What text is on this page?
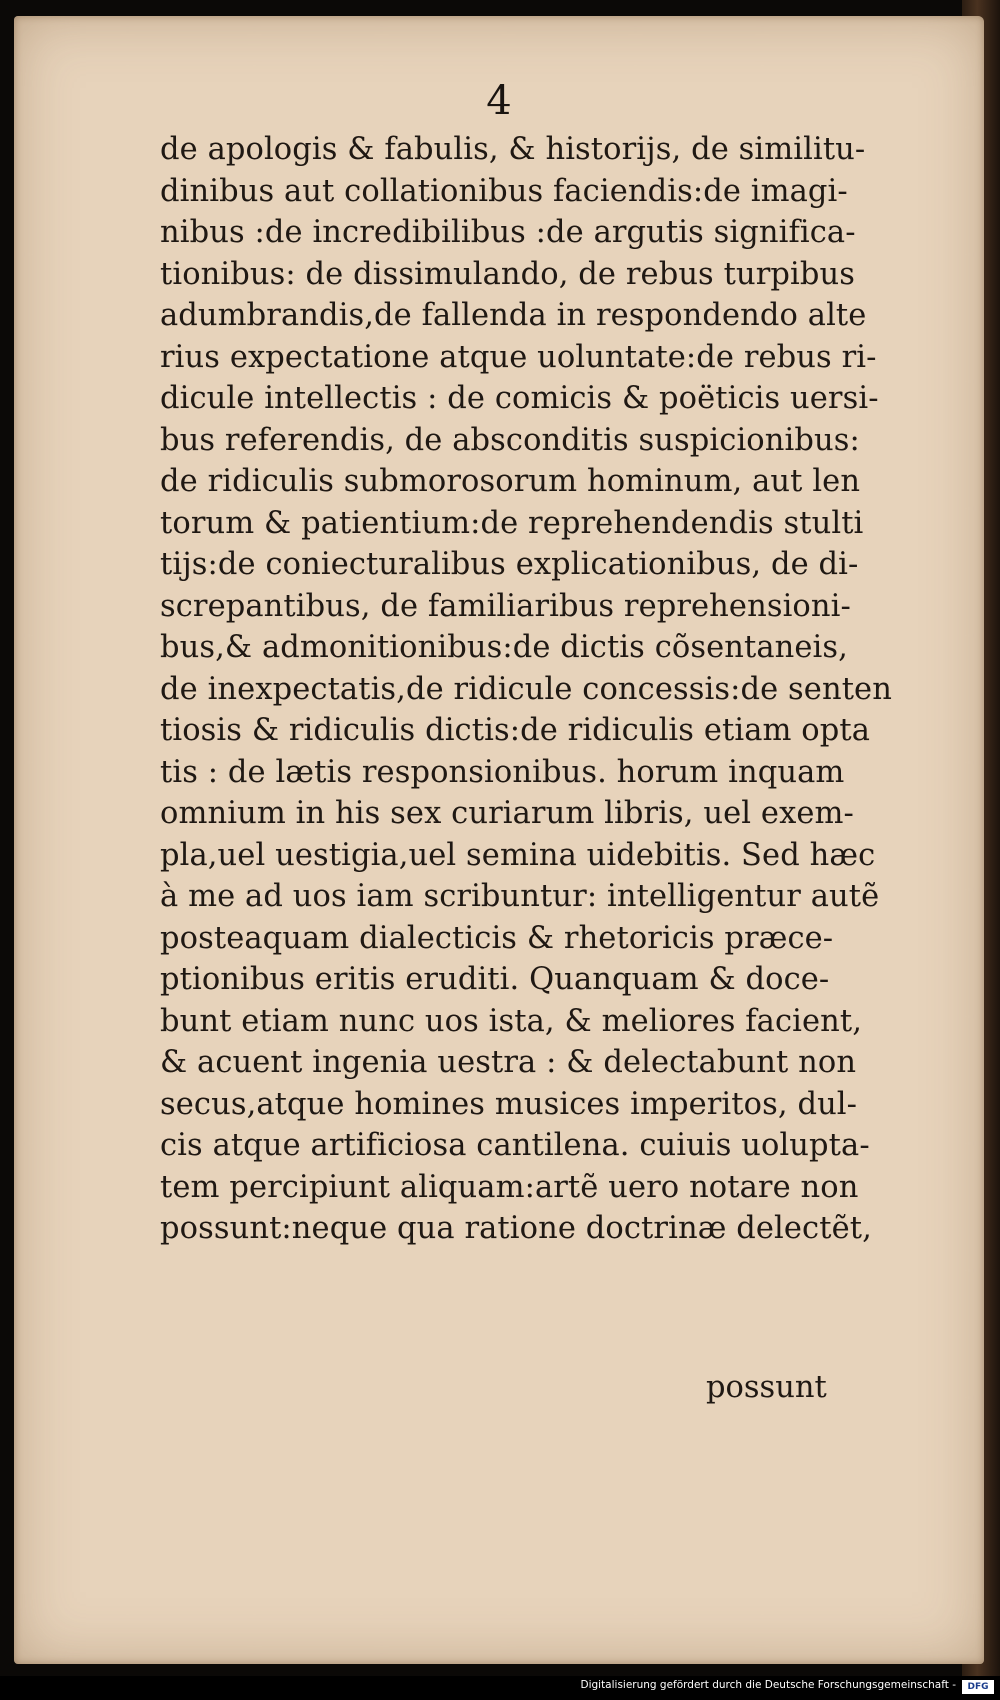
4
de apologis & fabulis, & historijs, de similitu-
dinibus aut collationibus faciendis:de imagi-
nibus :de incredibilibus :de argutis significa-
tionibus: de dissimulando, de rebus turpibus
adumbrandis,de fallenda in respondendo alte
rius expectatione atque uoluntate:de rebus ri-
dicule intellectis : de comicis & poëticis uersi-
bus referendis, de absconditis suspicionibus:
de ridiculis submorosorum hominum, aut len
torum & patientium:de reprehendendis stulti
tijs:de coniecturalibus explicationibus, de di-
screpantibus, de familiaribus reprehensioni-
bus,& admonitionibus:de dictis cõsentaneis,
de inexpectatis,de ridicule concessis:de senten
tiosis & ridiculis dictis:de ridiculis etiam opta
tis : de lætis responsionibus. horum inquam
omnium in his sex curiarum libris, uel exem-
pla,uel uestigia,uel semina uidebitis. Sed hæc
à me ad uos iam scribuntur: intelligentur autẽ
posteaquam dialecticis & rhetoricis præce-
ptionibus eritis eruditi. Quanquam & doce-
bunt etiam nunc uos ista, & meliores facient,
& acuent ingenia uestra : & delectabunt non
secus,atque homines musices imperitos, dul-
cis atque artificiosa cantilena. cuiuis uolupta-
tem percipiunt aliquam:artẽ uero notare non
possunt:neque qua ratione doctrinæ delectẽt,
possunt
Digitalisierung gefördert durch die Deutsche Forschungsgemeinschaft -	DFG
